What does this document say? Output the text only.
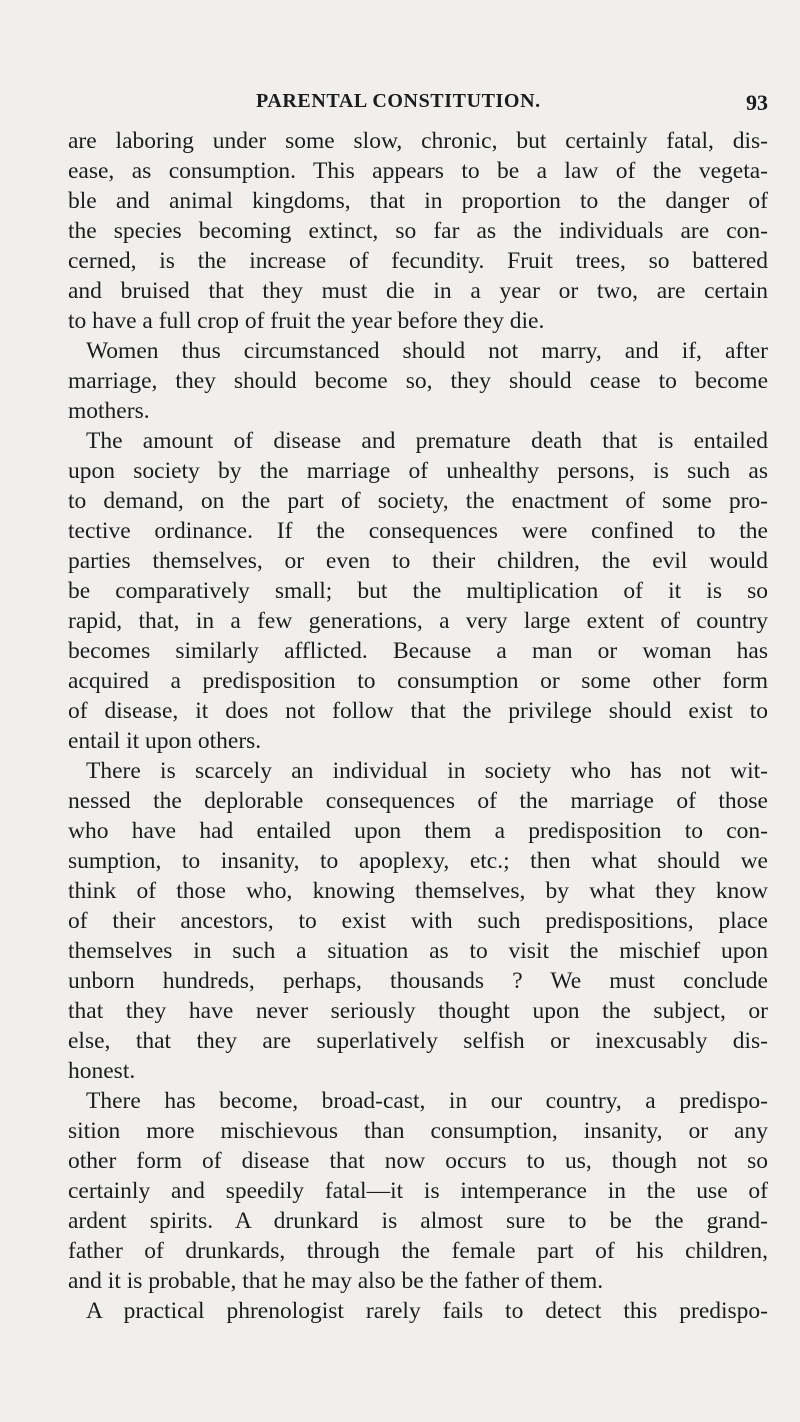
PARENTAL CONSTITUTION.	93
are laboring under some slow, chronic, but certainly fatal, dis-
ease, as consumption. This appears to be a law of the vegeta-
ble and animal kingdoms, that in proportion to the danger of
the species becoming extinct, so far as the individuals are con-
cerned, is the increase of fecundity. Fruit trees, so battered
and bruised that they must die in a year or two, are certain
to have a full crop of fruit the year before they die.
Women thus circumstanced should not marry, and if, after
marriage, they should become so, they should cease to become
mothers.
The amount of disease and premature death that is entailed
upon society by the marriage of unhealthy persons, is such as
to demand, on the part of society, the enactment of some pro-
tective ordinance. If the consequences were confined to the
parties themselves, or even to their children, the evil would
be comparatively small; but the multiplication of it is so
rapid, that, in a few generations, a very large extent of country
becomes similarly afflicted. Because a man or woman has
acquired a predisposition to consumption or some other form
of disease, it does not follow that the privilege should exist to
entail it upon others.
There is scarcely an individual in society who has not wit-
nessed the deplorable consequences of the marriage of those
who have had entailed upon them a predisposition to con-
sumption, to insanity, to apoplexy, etc.; then what should we
think of those who, knowing themselves, by what they know
of their ancestors, to exist with such predispositions, place
themselves in such a situation as to visit the mischief upon
unborn hundreds, perhaps, thousands ? We must conclude
that they have never seriously thought upon the subject, or
else, that they are superlatively selfish or inexcusably dis-
honest.
There has become, broad-cast, in our country, a predispo-
sition more mischievous than consumption, insanity, or any
other form of disease that now occurs to us, though not so
certainly and speedily fatal—it is intemperance in the use of
ardent spirits. A drunkard is almost sure to be the grand-
father of drunkards, through the female part of his children,
and it is probable, that he may also be the father of them.
A practical phrenologist rarely fails to detect this predispo-
